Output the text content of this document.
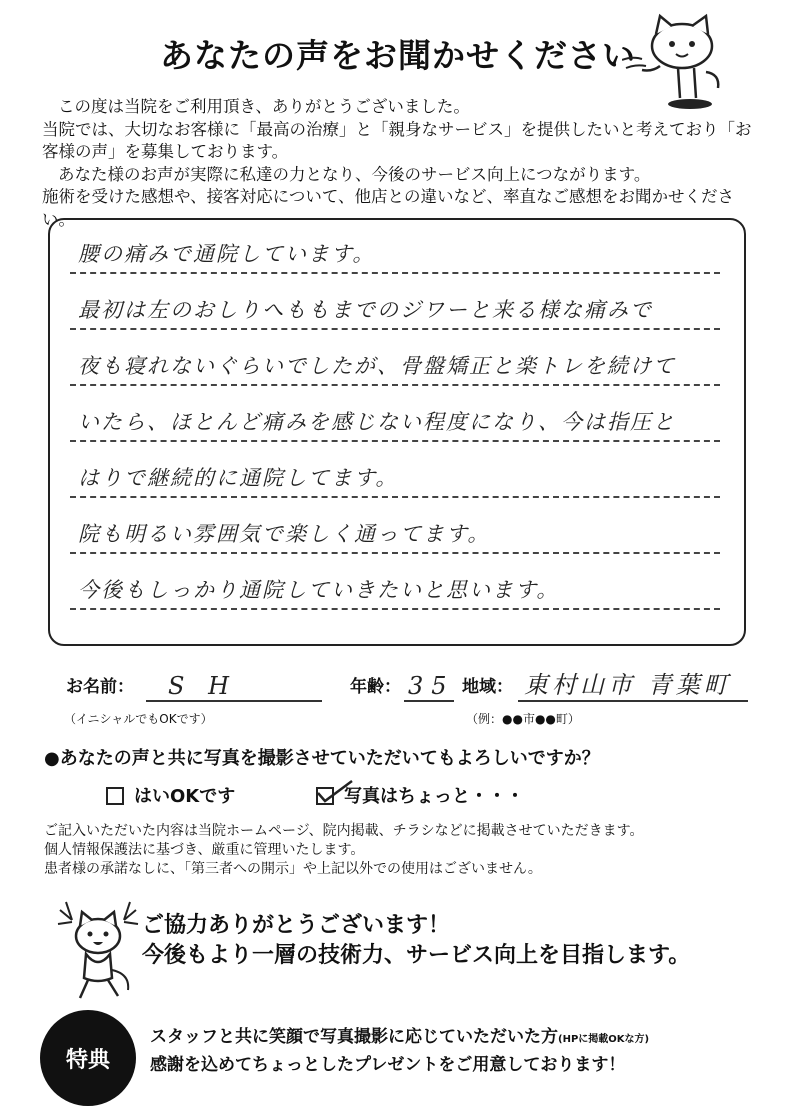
あなたの声をお聞かせください

この度は当院をご利用頂き、ありがとうございました。

当院では、大切なお客様に「最高の治療」と「親身なサービス」を提供したいと考えており「お客様の声」を募集しております。

あなた様のお声が実際に私達の力となり、今後のサービス向上につながります。

施術を受けた感想や、接客対応について、他店との違いなど、率直なご感想をお聞かせください。

腰の痛みで通院しています。
最初は左のおしりへももまでのジワーと来る様な痛みで
夜も寝れないぐらいでしたが、骨盤矯正と楽トレを続けて
いたら、ほとんど痛みを感じない程度になり、今は指圧と
はりで継続的に通院してます。
院も明るい雰囲気で楽しく通ってます。
今後もしっかり通院していきたいと思います。
お名前： S H	年齢： 35 地域： 東村山市 青葉町
（イニシャルでもOKです）	（例：●●市●●町）
●あなたの声と共に写真を撮影させていただいてもよろしいですか？
はいOKです	写真はちょっと・・・

ご記入いただいた内容は当院ホームページ、院内掲載、チラシなどに掲載させていただきます。

個人情報保護法に基づき、厳重に管理いたします。

患者様の承諾なしに、「第三者への開示」や上記以外での使用はございません。

ご協力ありがとうございます！
今後もより一層の技術力、サービス向上を目指します。
特典
スタッフと共に笑顔で写真撮影に応じていただいた方(HPに掲載OKな方)
感謝を込めてちょっとしたプレゼントをご用意しております！
